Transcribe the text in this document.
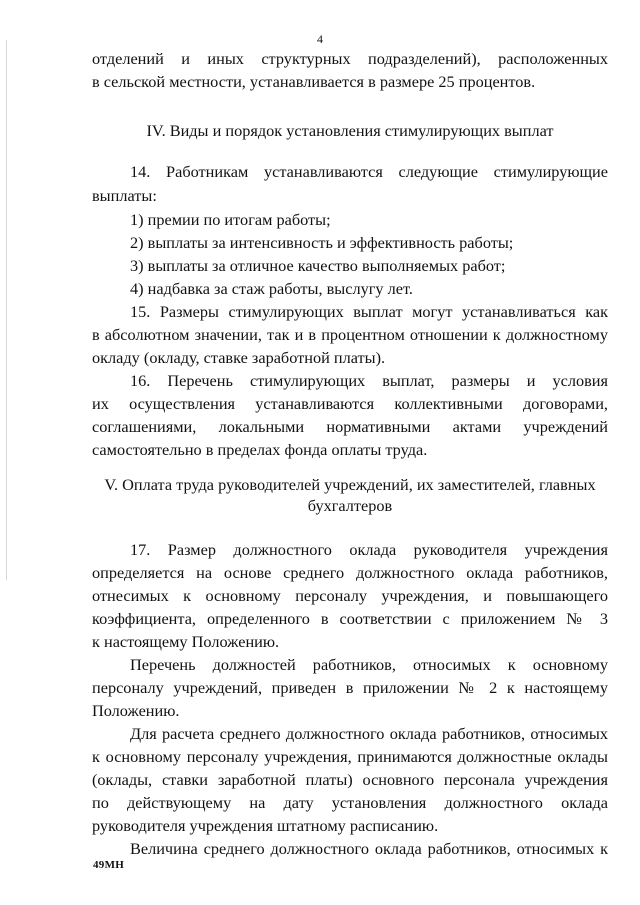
4
отделений и иных структурных подразделений), расположенных
в сельской местности, устанавливается в размере 25 процентов.
IV. Виды и порядок установления стимулирующих выплат
14. Работникам устанавливаются следующие стимулирующие
выплаты:
1) премии по итогам работы;
2) выплаты за интенсивность и эффективность работы;
3) выплаты за отличное качество выполняемых работ;
4) надбавка за стаж работы, выслугу лет.
15. Размеры стимулирующих выплат могут устанавливаться как
в абсолютном значении, так и в процентном отношении к должностному
окладу (окладу, ставке заработной платы).
16. Перечень стимулирующих выплат, размеры и условия
их осуществления устанавливаются коллективными договорами,
соглашениями, локальными нормативными актами учреждений
самостоятельно в пределах фонда оплаты труда.
V. Оплата труда руководителей учреждений, их заместителей, главных
бухгалтеров
17. Размер должностного оклада руководителя учреждения
определяется на основе среднего должностного оклада работников,
отнесимых к основному персоналу учреждения, и повышающего
коэффициента, определенного в соответствии с приложением № 3
к настоящему Положению.
Перечень должностей работников, относимых к основному
персоналу учреждений, приведен в приложении № 2 к настоящему
Положению.
Для расчета среднего должностного оклада работников, относимых
к основному персоналу учреждения, принимаются должностные оклады
(оклады, ставки заработной платы) основного персонала учреждения
по действующему на дату установления должностного оклада
руководителя учреждения штатному расписанию.
Величина среднего должностного оклада работников, относимых к
49МН
